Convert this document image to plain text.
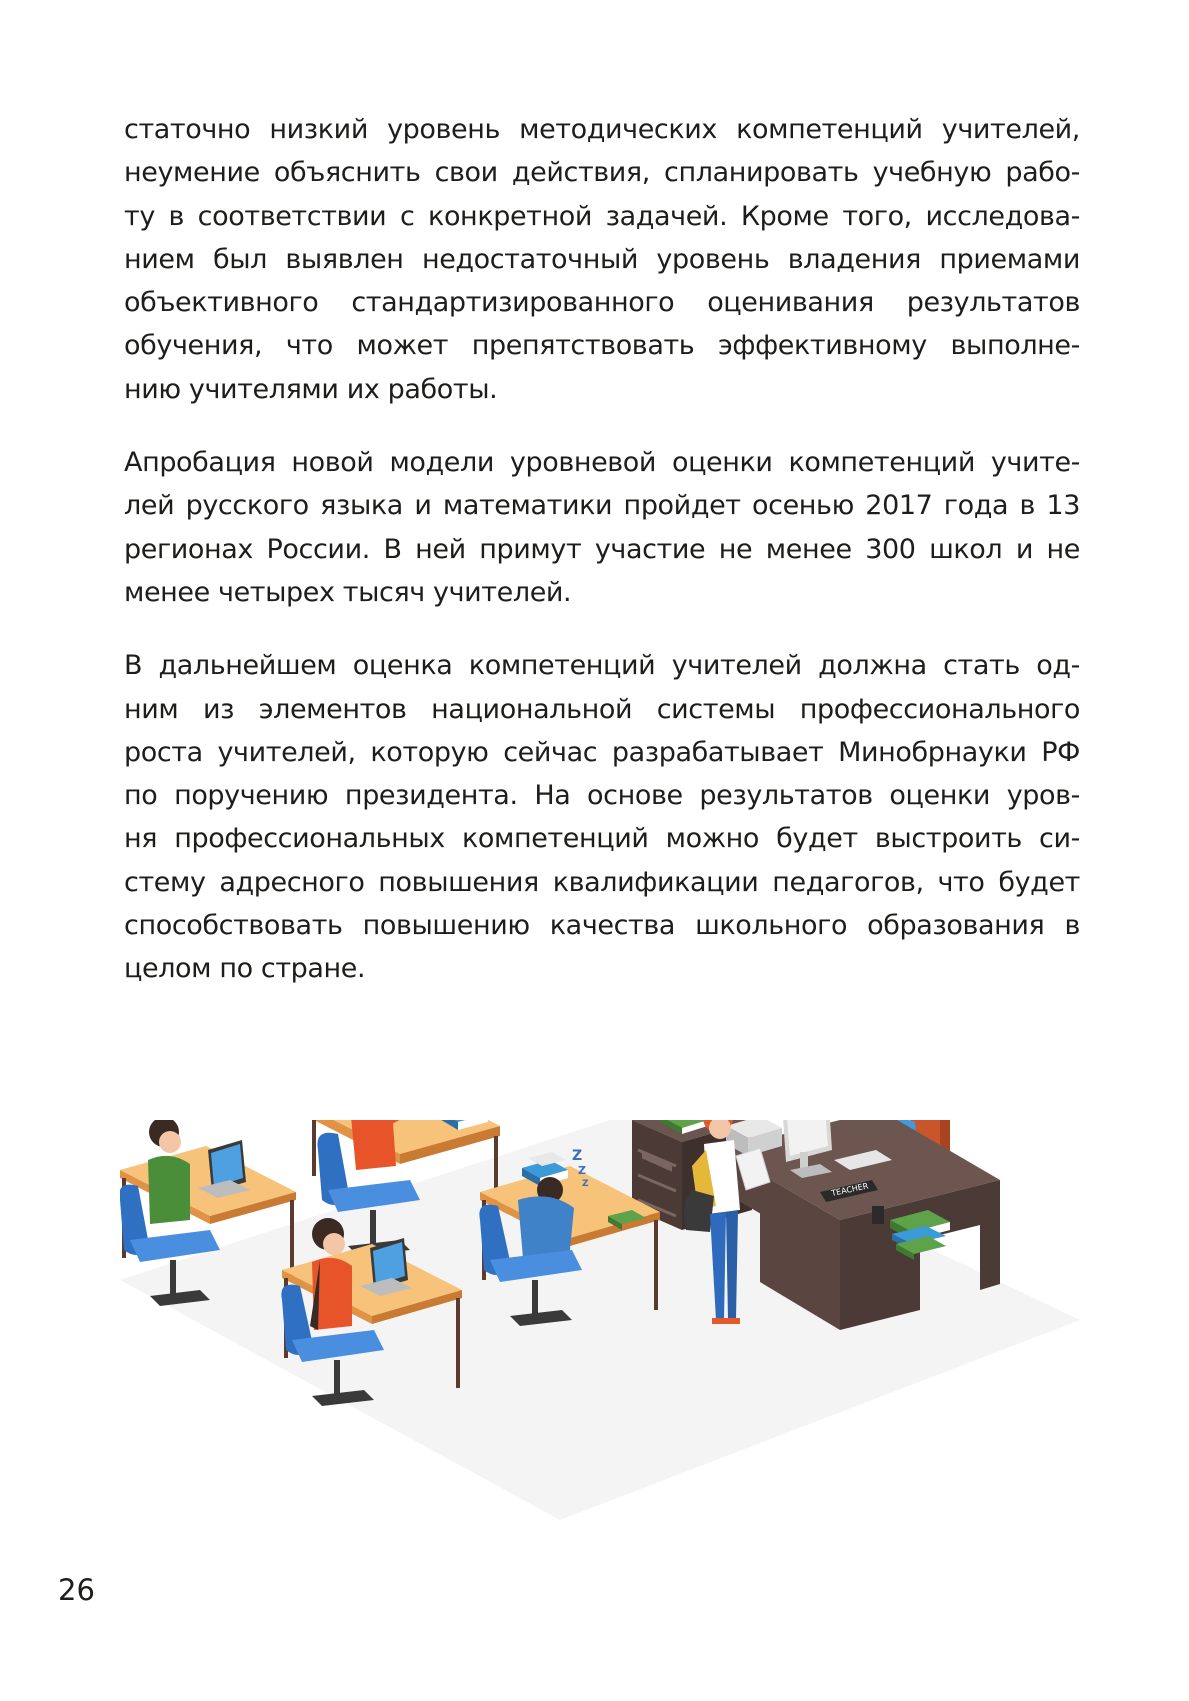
статочно низкий уровень методических компетенций учителей,
неумение объяснить свои действия, спланировать учебную рабо-
ту в соответствии с конкретной задачей. Кроме того, исследова-
нием был выявлен недостаточный уровень владения приемами
объективного стандартизированного оценивания результатов
обучения, что может препятствовать эффективному выполне-
нию учителями их работы.

Апробация новой модели уровневой оценки компетенций учите-
лей русского языка и математики пройдет осенью 2017 года в 13
регионах России. В ней примут участие не менее 300 школ и не
менее четырех тысяч учителей.

В дальнейшем оценка компетенций учителей должна стать од-
ним из элементов национальной системы профессионального
роста учителей, которую сейчас разрабатывает Минобрнауки РФ
по поручению президента. На основе результатов оценки уров-
ня профессиональных компетенций можно будет выстроить си-
стему адресного повышения квалификации педагогов, что будет
способствовать повышению качества школьного образования в
целом по стране.

TEACHER
Z
Z
Z
26
